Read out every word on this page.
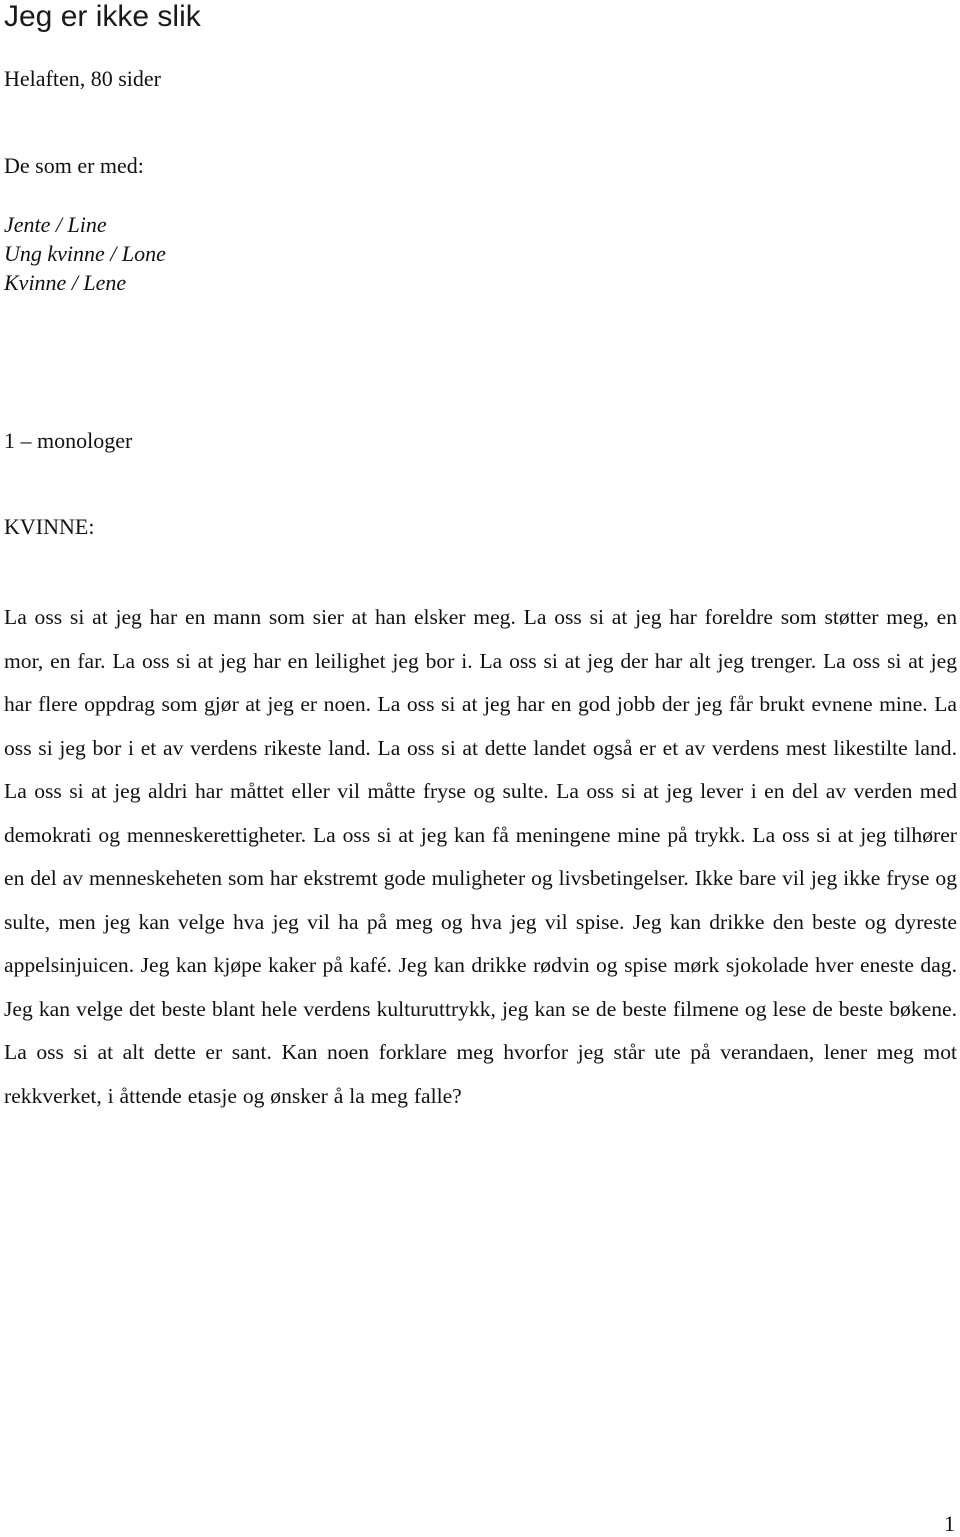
Jeg er ikke slik

Helaften, 80 sider

De som er med:

Jente / Line
Ung kvinne / Lone
Kvinne / Lene

1 – monologer

KVINNE:

La oss si at jeg har en mann som sier at han elsker meg. La oss si at jeg har foreldre som støtter meg, en mor, en far. La oss si at jeg har en leilighet jeg bor i. La oss si at jeg der har alt jeg trenger. La oss si at jeg har flere oppdrag som gjør at jeg er noen. La oss si at jeg har en god jobb der jeg får brukt evnene mine. La oss si jeg bor i et av verdens rikeste land. La oss si at dette landet også er et av verdens mest likestilte land. La oss si at jeg aldri har måttet eller vil måtte fryse og sulte. La oss si at jeg lever i en del av verden med demokrati og menneskerettigheter. La oss si at jeg kan få meningene mine på trykk. La oss si at jeg tilhører en del av menneskeheten som har ekstremt gode muligheter og livsbetingelser. Ikke bare vil jeg ikke fryse og sulte, men jeg kan velge hva jeg vil ha på meg og hva jeg vil spise. Jeg kan drikke den beste og dyreste appelsinjuicen. Jeg kan kjøpe kaker på kafé. Jeg kan drikke rødvin og spise mørk sjokolade hver eneste dag. Jeg kan velge det beste blant hele verdens kulturuttrykk, jeg kan se de beste filmene og lese de beste bøkene. La oss si at alt dette er sant. Kan noen forklare meg hvorfor jeg står ute på verandaen, lener meg mot rekkverket, i åttende etasje og ønsker å la meg falle?

1
